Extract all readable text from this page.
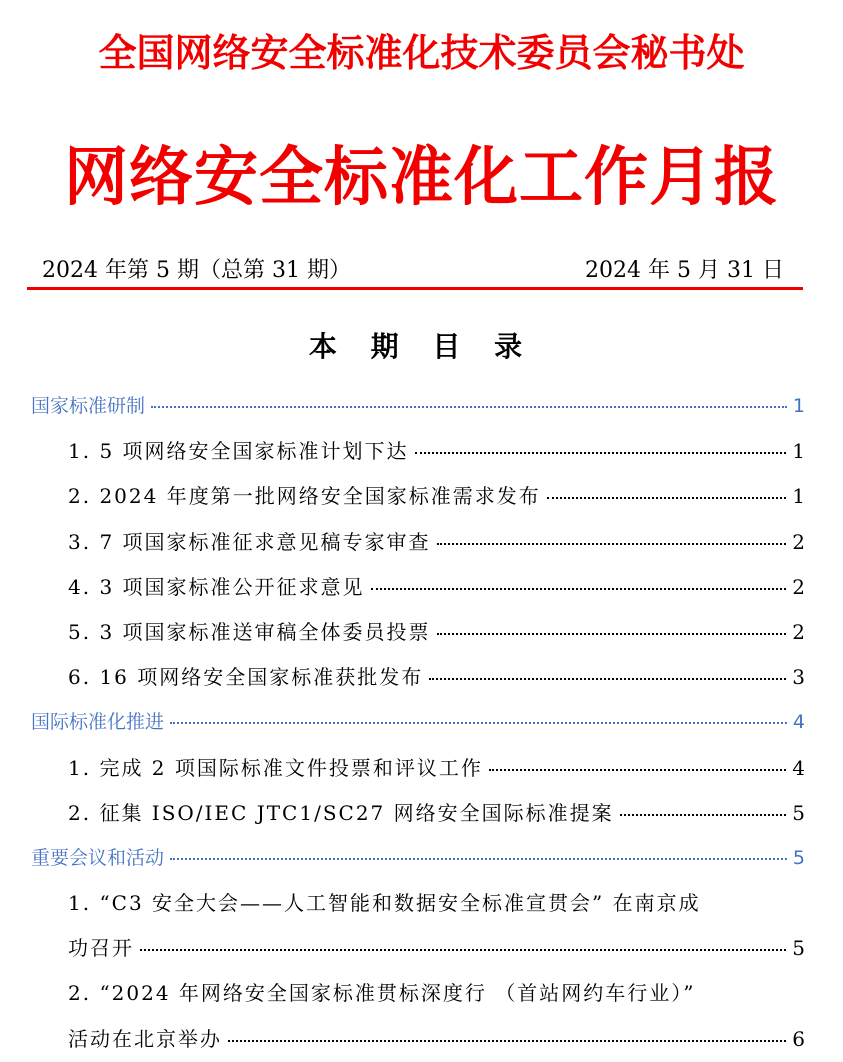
全国网络安全标准化技术委员会秘书处
网络安全标准化工作月报
2024 年第 5 期（总第 31 期）	2024 年 5 月 31 日
本 期 目 录
国家标准研制	1
1. 5 项网络安全国家标准计划下达	1
2. 2024 年度第一批网络安全国家标准需求发布	1
3. 7 项国家标准征求意见稿专家审查	2
4. 3 项国家标准公开征求意见	2
5. 3 项国家标准送审稿全体委员投票	2
6. 16 项网络安全国家标准获批发布	3
国际标准化推进	4
1. 完成 2 项国际标准文件投票和评议工作	4
2. 征集 ISO/IEC JTC1/SC27 网络安全国际标准提案	5
重要会议和活动	5
1. “C3 安全大会——人工智能和数据安全标准宣贯会” 在南京成
功召开	5
2. “2024 年网络安全国家标准贯标深度行 （首站网约车行业）”
活动在北京举办	6
